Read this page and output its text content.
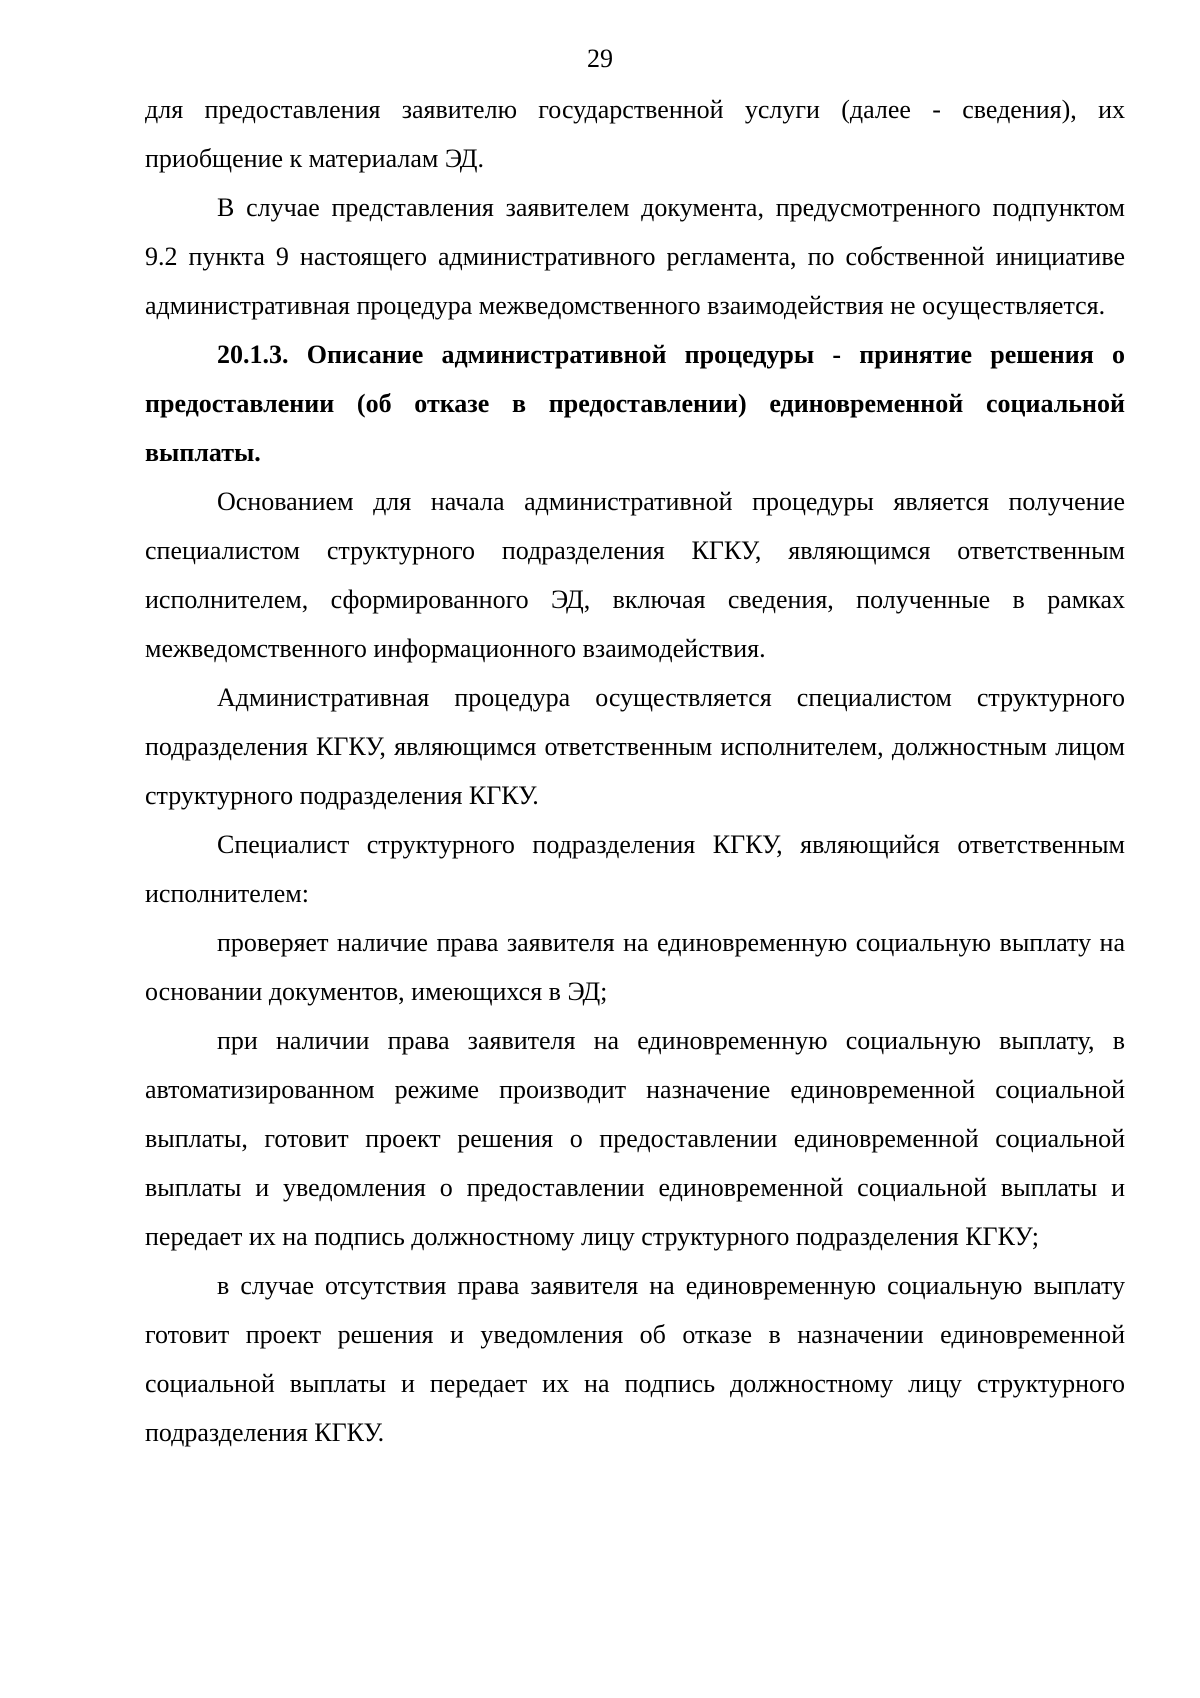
29

для предоставления заявителю государственной услуги (далее - сведения), их приобщение к материалам ЭД.

В случае представления заявителем документа, предусмотренного подпунктом 9.2 пункта 9 настоящего административного регламента, по собственной инициативе административная процедура межведомственного взаимодействия не осуществляется.

20.1.3. Описание административной процедуры - принятие решения о предоставлении (об отказе в предоставлении) единовременной социальной выплаты.

Основанием для начала административной процедуры является получение специалистом структурного подразделения КГКУ, являющимся ответственным исполнителем, сформированного ЭД, включая сведения, полученные в рамках межведомственного информационного взаимодействия.

Административная процедура осуществляется специалистом структурного подразделения КГКУ, являющимся ответственным исполнителем, должностным лицом структурного подразделения КГКУ.

Специалист структурного подразделения КГКУ, являющийся ответственным исполнителем:

проверяет наличие права заявителя на единовременную социальную выплату на основании документов, имеющихся в ЭД;

при наличии права заявителя на единовременную социальную выплату, в автоматизированном режиме производит назначение единовременной социальной выплаты, готовит проект решения о предоставлении единовременной социальной выплаты и уведомления о предоставлении единовременной социальной выплаты и передает их на подпись должностному лицу структурного подразделения КГКУ;

в случае отсутствия права заявителя на единовременную социальную выплату готовит проект решения и уведомления об отказе в назначении единовременной социальной выплаты и передает их на подпись должностному лицу структурного подразделения КГКУ.
